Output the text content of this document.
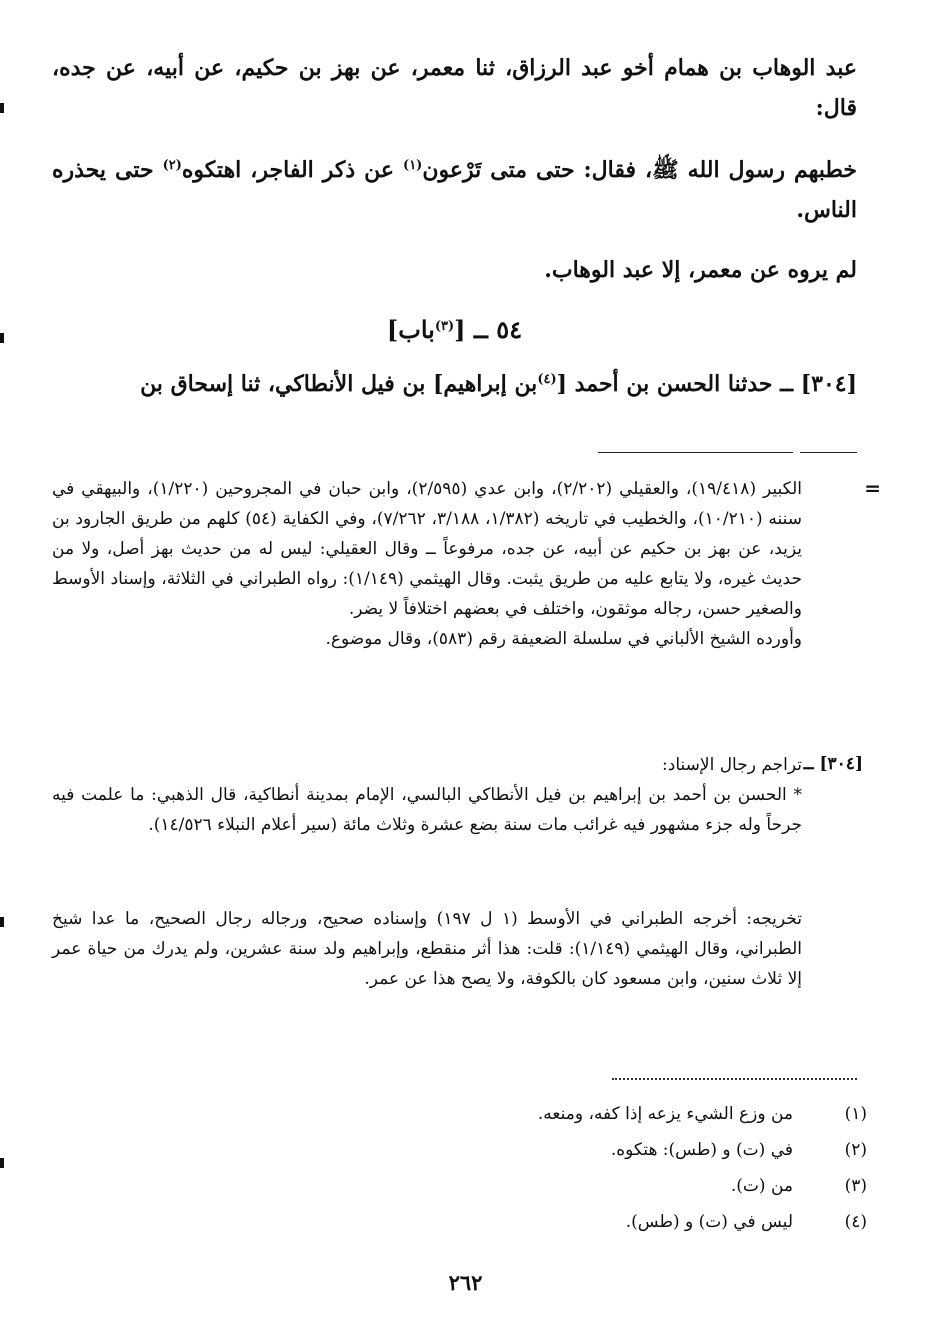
عبد الوهاب بن همام أخو عبد الرزاق، ثنا معمر، عن بهز بن حكيم، عن أبيه، عن جده، قال:
خطبهم رسول الله ﷺ، فقال: حتى متى تَرْعون$^{(١)}$ عن ذكر الفاجر، اهتكوه$^{(٢)}$ حتى يحذره الناس.
لم يروه عن معمر، إلا عبد الوهاب.
٥٤ ــ [$^{(٣)}$باب]
[٣٠٤] ــ حدثنا الحسن بن أحمد [$^{(٤)}$بن إبراهيم] بن فيل الأنطاكي، ثنا إسحاق بن
=
الكبير (١٩/٤١٨)، والعقيلي (٢/٢٠٢)، وابن عدي (٢/٥٩٥)، وابن حبان في المجروحين (١/٢٢٠)، والبيهقي في سننه (١٠/٢١٠)، والخطيب في تاريخه (١/٣٨٢، ٣/١٨٨، ٧/٢٦٢)، وفي الكفاية (٥٤) كلهم من طريق الجارود بن يزيد، عن بهز بن حكيم عن أبيه، عن جده، مرفوعاً ــ وقال العقيلي: ليس له من حديث بهز أصل، ولا من حديث غيره، ولا يتابع عليه من طريق يثبت. وقال الهيثمي (١/١٤٩): رواه الطبراني في الثلاثة، وإسناد الأوسط والصغير حسن، رجاله موثقون، واختلف في بعضهم اختلافاً لا يضر.
وأورده الشيخ الألباني في سلسلة الضعيفة رقم (٥٨٣)، وقال موضوع.
[٣٠٤] ــ
تراجم رجال الإسناد:
* الحسن بن أحمد بن إبراهيم بن فيل الأنطاكي البالسي، الإمام بمدينة أنطاكية، قال الذهبي: ما علمت فيه جرحاً وله جزء مشهور فيه غرائب مات سنة بضع عشرة وثلاث مائة (سير أعلام النبلاء ١٤/٥٢٦).
تخريجه: أخرجه الطبراني في الأوسط (١ ل ١٩٧) وإسناده صحيح، ورجاله رجال الصحيح، ما عدا شيخ الطبراني، وقال الهيثمي (١/١٤٩): قلت: هذا أثر منقطع، وإبراهيم ولد سنة عشرين، ولم يدرك من حياة عمر إلا ثلاث سنين، وابن مسعود كان بالكوفة، ولا يصح هذا عن عمر.
(١)
من وزع الشيء يزعه إذا كفه، ومنعه.
(٢)
في (ت) و (طس): هتكوه.
(٣)
من (ت).
(٤)
ليس في (ت) و (طس).
٢٦٢
